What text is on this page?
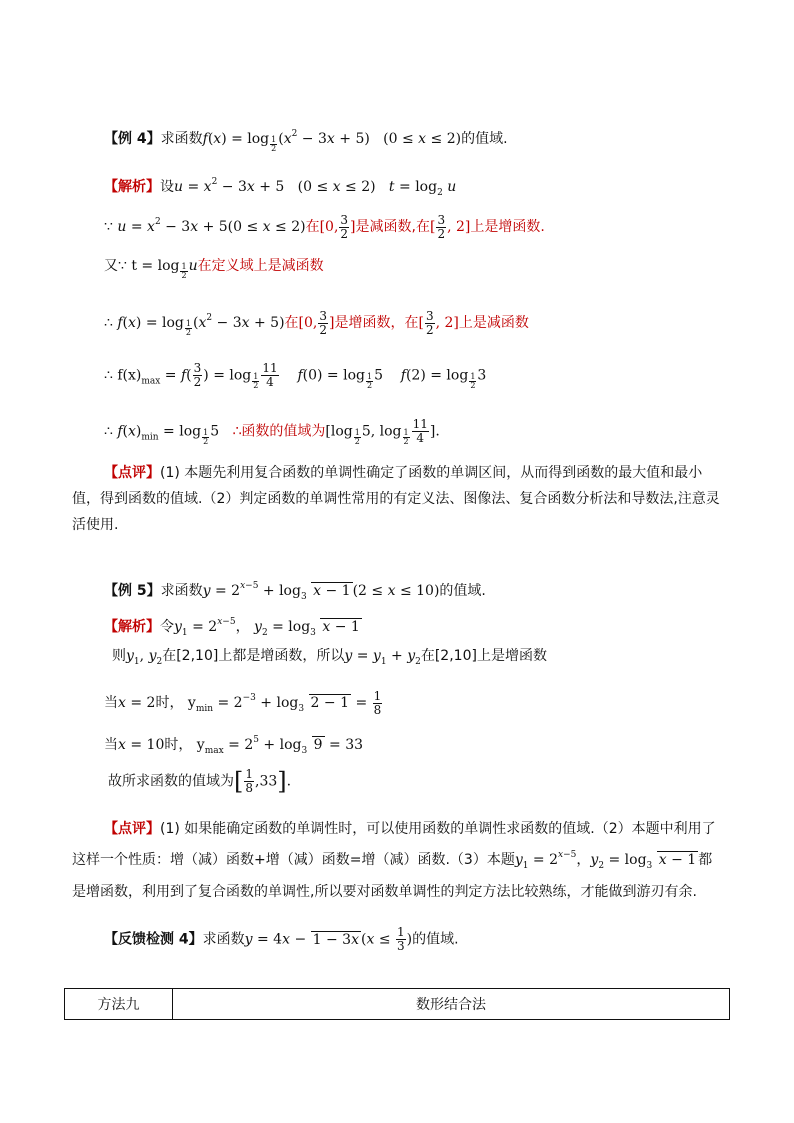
【例 4】求函数f(x) = log $_{\frac{1}{2}}$ $(x^2 - 3x + 5) (0 \le x \le 2)$的值域.
【解析】设$u = x^2 - 3x + 5$   (0 ≤ x ≤ 2)   $t = \log_2 u$
∵ $u = x^2 - 3x + 5(0 \le x \le 2)$在[0, $\frac{3}{2}$ ]是减函数,在[ $\frac{3}{2}$ , 2]上是增函数.
又∵ t = log $_{\frac{1}{2}}$ u在定义域上是减函数
∴ f(x) = log $_{\frac{1}{2}}$ $(x^2 - 3x + 5)$在[0, $\frac{3}{2}$ ]是增函数，在[ $\frac{3}{2}$ , 2]上是减函数
∴ $f(x)_{max} = f( \frac{3}{2}$ ) = $\log _{\frac{1}{2}} \frac{11}{4} f(0) = \log _{\frac{1}{2}}$ 5    f(2) = log $_{\frac{1}{2}}$ 3
∴ $f(x)_{min} = \log _{\frac{1}{2}}$ 5   ∴函数的值域为[log $_{\frac{1}{2}}$ 5, $\log _{\frac{1}{2}} \frac{11}{4}$ ].
【点评】(1) 本题先利用复合函数的单调性确定了函数的单调区间，从而得到函数的最大值和最小值，得到函数的值域.（2）判定函数的单调性常用的有定义法、图像法、复合函数分析法和导数法,注意灵活使用.
【例 5】求函数$y = 2^{x-5} + \log_3 x - 1$ (2 ≤ x ≤ 10)的值域.
【解析】令$y_1 = 2^{x-5}$， $y_2 = \log_3 x - 1$
则$y_1$, $y_2$在[2,10]上都是增函数，所以$y = y_1 + y_2$在[2,10]上是增函数
当x = 2时， $y_{min} = 2^{-3} + \log_3 2 - 1 = \frac{1}{8}$
当x = 10时， $y_{max} = 2^5 + \log_3 9 = 33$
故所求函数的值域为[ $\frac{1}{8} ,33$].
【点评】(1) 如果能确定函数的单调性时，可以使用函数的单调性求函数的值域.（2）本题中利用了这样一个性质：增（减）函数+增（减）函数=增（减）函数.（3）本题$y_1 = 2^{x-5}$，$y_2 = \log_3 x - 1$ 都是增函数，利用到了复合函数的单调性,所以要对函数单调性的判定方法比较熟练，才能做到游刃有余.
【反馈检测 4】求函数y = 4x − 1 − 3x ($x \le \frac{1}{3}$ )的值域.
方法九	数形结合法
